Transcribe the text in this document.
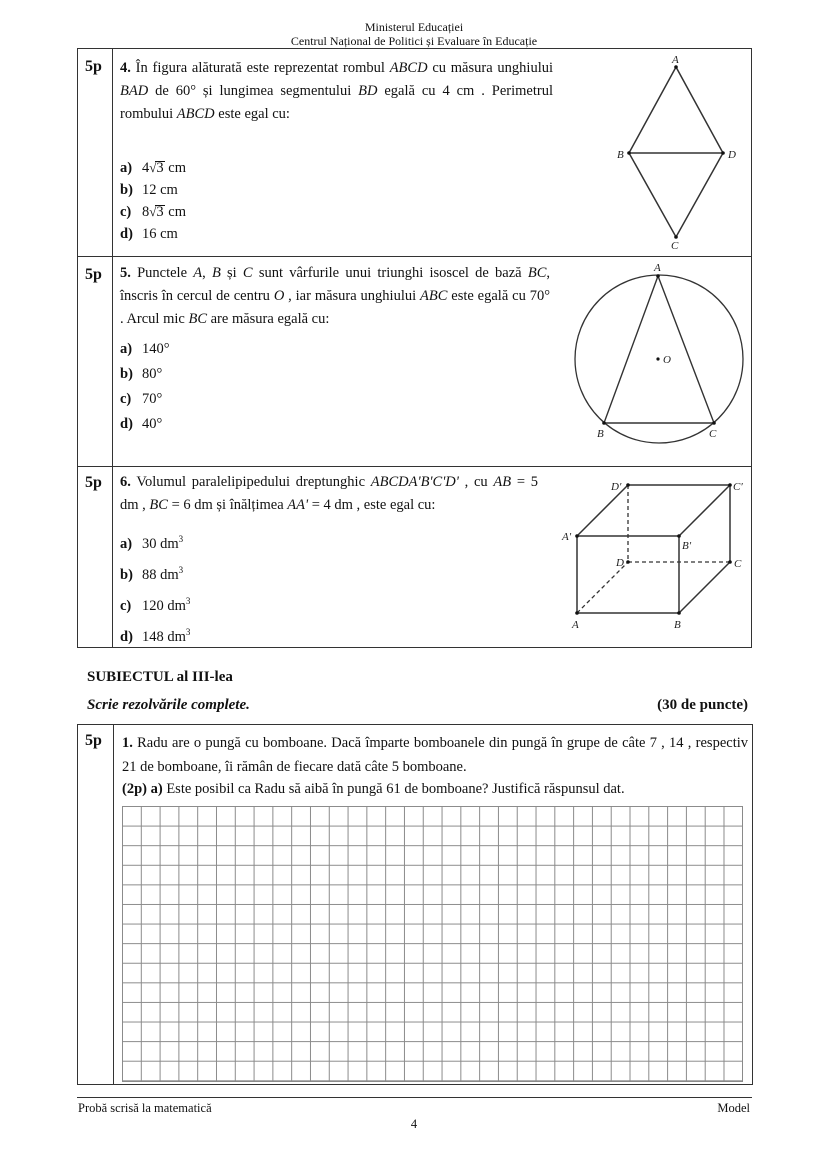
Ministerul Educației
Centrul Național de Politici și Evaluare în Educație
5p 4. În figura alăturată este reprezentat rombul ABCD cu măsura unghiului BAD de 60° și lungimea segmentului BD egală cu 4 cm . Perimetrul rombului ABCD este egal cu:
a) 4√3 cm
b) 12 cm
c) 8√3 cm
d) 16 cm
A
B	D
C
5p 5. Punctele A, B și C sunt vârfurile unui triunghi isoscel de bază BC, înscris în cercul de centru O , iar măsura unghiului ABC este egală cu 70° . Arcul mic BC are măsura egală cu:
a) 140°
b) 80°
c) 70°
d) 40°
A
B	C
O
5p 6. Volumul paralelipipedului dreptunghic ABCDA'B'C'D' , cu AB = 5 dm , BC = 6 dm și înălțimea AA' = 4 dm , este egal cu:
a) 30 $dm^3$
b) 88 $dm^3$
c) 120 $dm^3$
d) 148 $dm^3$
D′	C′
A′
B′
D	C
A	B
SUBIECTUL al III-lea
Scrie rezolvările complete.	(30 de puncte)
5p 1. Radu are o pungă cu bomboane. Dacă împarte bomboanele din pungă în grupe de câte 7 , 14 , respectiv 21 de bomboane, îi rămân de fiecare dată câte 5 bomboane.
(2p) a) Este posibil ca Radu să aibă în pungă 61 de bomboane? Justifică răspunsul dat.
Probă scrisă la matematică	Model
4
